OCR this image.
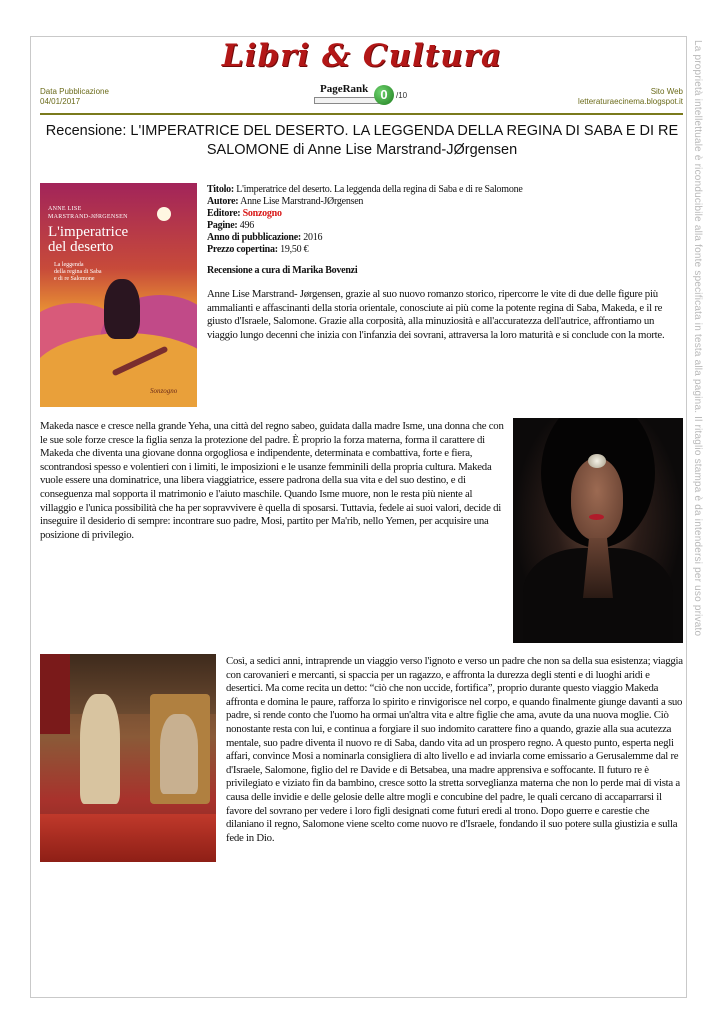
La proprietà intellettuale è riconducibile alla fonte specificata in testa alla pagina. Il ritaglio stampa è da intendersi per uso privato
Libri & Cultura
Data Pubblicazione
04/01/2017
PageRank 0	/10	Sito Web
letteraturaecinema.blogspot.it
Recensione: L'IMPERATRICE DEL DESERTO. LA LEGGENDA DELLA REGINA DI SABA E DI RE SALOMONE di Anne Lise Marstrand-JØrgensen
ANNE LISE
MARSTRAND-JØRGENSEN
L'imperatrice
del deserto
La leggenda
della regina di Saba
e di re Salomone
Sonzogno
Titolo: L'imperatrice del deserto. La leggenda della regina di Saba e di re Salomone
Autore: Anne Lise Marstrand-JØrgensen
Editore: Sonzogno
Pagine: 496
Anno di pubblicazione: 2016
Prezzo copertina: 19,50 €
Recensione a cura di Marika Bovenzi

Anne Lise Marstrand- Jørgensen, grazie al suo nuovo romanzo storico, ripercorre le vite di due delle figure più ammalianti e affascinanti della storia orientale, conosciute ai più come la potente regina di Saba, Makeda, e il re giusto d'Israele, Salomone. Grazie alla corposità, alla minuziosità e all'accuratezza dell'autrice, affrontiamo un viaggio lungo decenni che inizia con l'infanzia dei sovrani, attraversa la loro maturità e si conclude con la morte.

Makeda nasce e cresce nella grande Yeha, una città del regno sabeo, guidata dalla madre Isme, una donna che con le sue sole forze cresce la figlia senza la protezione del padre. È proprio la forza materna, forma il carattere di Makeda che diventa una giovane donna orgogliosa e indipendente, determinata e combattiva, forte e fiera, scontrandosi spesso e volentieri con i limiti, le imposizioni e le usanze femminili della propria cultura. Makeda vuole essere una dominatrice, una libera viaggiatrice, essere padrona della sua vita e del suo destino, e di conseguenza mal sopporta il matrimonio e l'aiuto maschile. Quando Isme muore, non le resta più niente al villaggio e l'unica possibilità che ha per sopravvivere è quella di sposarsi. Tuttavia, fedele ai suoi valori, decide di inseguire il desiderio di sempre: incontrare suo padre, Mosi, partito per Ma'rib, nello Yemen, per acquisire una posizione di privilegio.

Così, a sedici anni, intraprende un viaggio verso l'ignoto e verso un padre che non sa della sua esistenza; viaggia con carovanieri e mercanti, si spaccia per un ragazzo, e affronta la durezza degli stenti e di luoghi aridi e desertici. Ma come recita un detto: “ciò che non uccide, fortifica”, proprio durante questo viaggio Makeda affronta e domina le paure, rafforza lo spirito e rinvigorisce nel corpo, e quando finalmente giunge davanti a suo padre, si rende conto che l'uomo ha ormai un'altra vita e altre figlie che ama, avute da una nuova moglie. Ciò nonostante resta con lui, e continua a forgiare il suo indomito carattere fino a quando, grazie alla sua acutezza mentale, suo padre diventa il nuovo re di Saba, dando vita ad un prospero regno. A questo punto, esperta negli affari, convince Mosi a nominarla consigliera di alto livello e ad inviarla come emissario a Gerusalemme dal re d'Israele, Salomone, figlio del re Davide e di Betsabea, una madre apprensiva e soffocante. Il futuro re è privilegiato e viziato fin da bambino, cresce sotto la stretta sorveglianza materna che non lo perde mai di vista a causa delle invidie e delle gelosie delle altre mogli e concubine del padre, le quali cercano di accaparrarsi il favore del sovrano per vedere i loro figli designati come futuri eredi al trono. Dopo guerre e carestie che dilaniano il regno, Salomone viene scelto come nuovo re d'Israele, fondando il suo potere sulla giustizia e sulla fede in Dio.
